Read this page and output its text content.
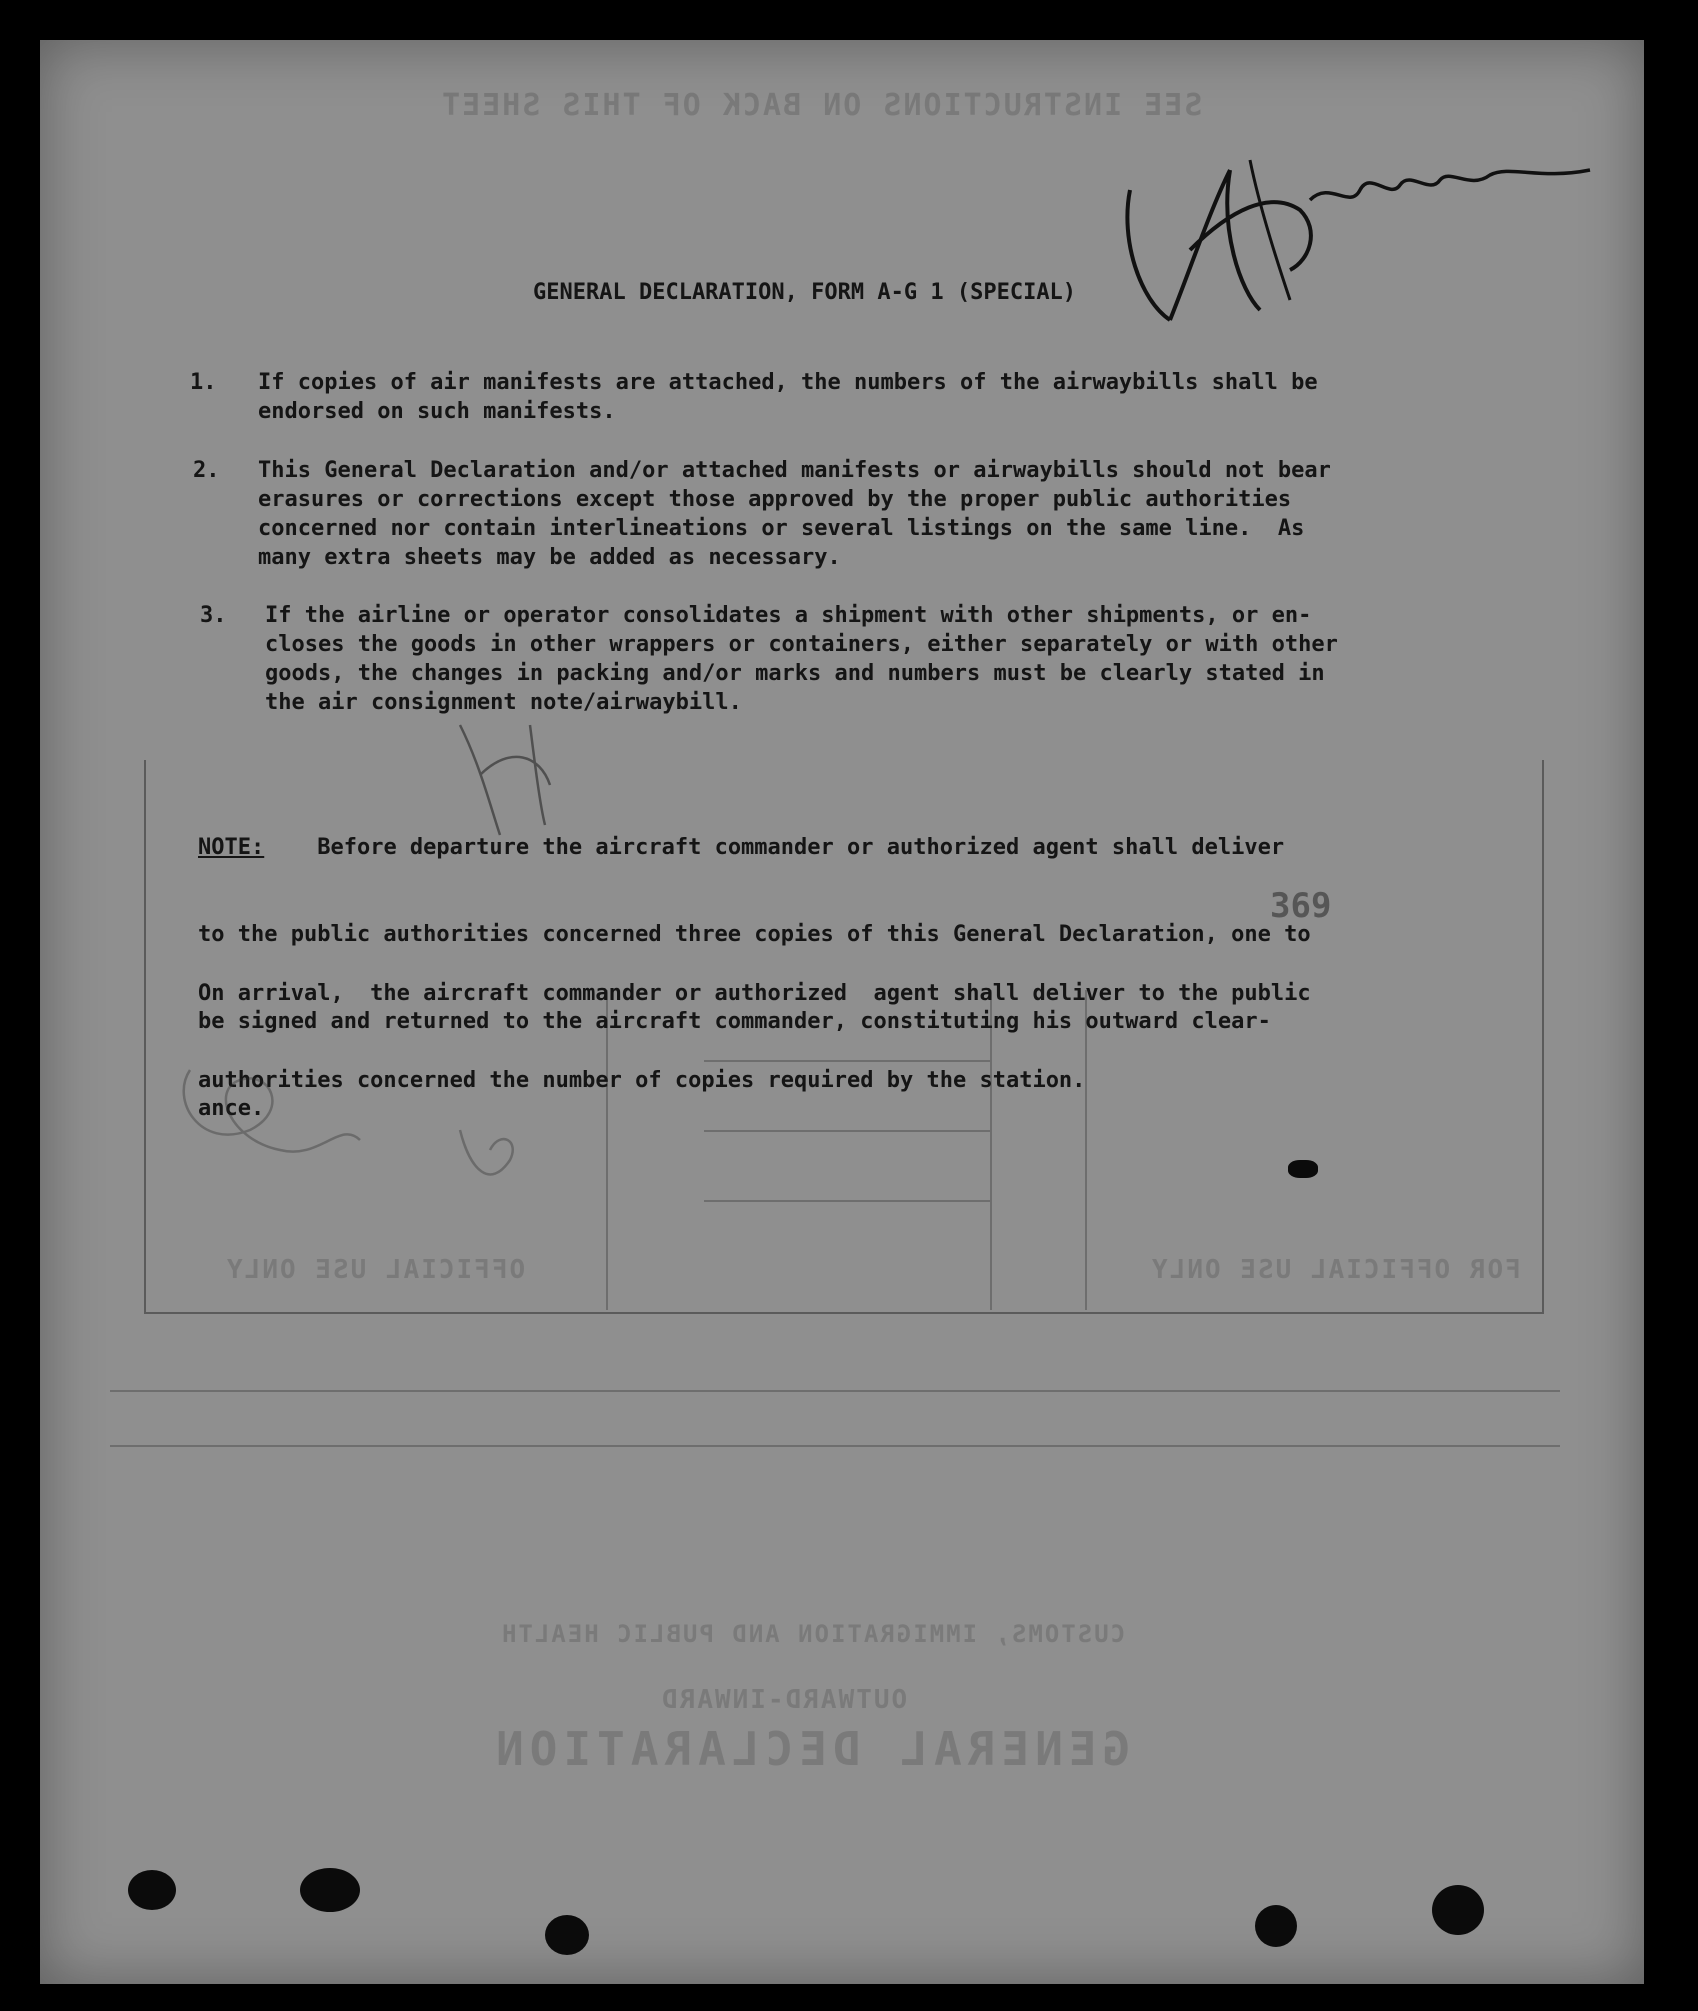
SEE INSTRUCTIONS ON BACK OF THIS SHEET
GENERAL DECLARATION
OUTWARD-INWARD
CUSTOMS, IMMIGRATION AND PUBLIC HEALTH
FOR OFFICIAL USE ONLY
OFFICIAL USE ONLY
GENERAL DECLARATION, FORM A-G 1 (SPECIAL)
1.	If copies of air manifests are attached, the numbers of the airwaybills shall be
endorsed on such manifests.
2.	This General Declaration and/or attached manifests or airwaybills should not bear
erasures or corrections except those approved by the proper public authorities
concerned nor contain interlineations or several listings on the same line.  As
many extra sheets may be added as necessary.
3.	If the airline or operator consolidates a shipment with other shipments, or en-
closes the goods in other wrappers or containers, either separately or with other
goods, the changes in packing and/or marks and numbers must be clearly stated in
the air consignment note/airwaybill.

NOTE:    Before departure the aircraft commander or authorized agent shall deliver

to the public authorities concerned three copies of this General Declaration, one to

be signed and returned to the aircraft commander, constituting his outward clear-

ance.

On arrival,  the aircraft commander or authorized  agent shall deliver to the public

authorities concerned the number of copies required by the station.

369
